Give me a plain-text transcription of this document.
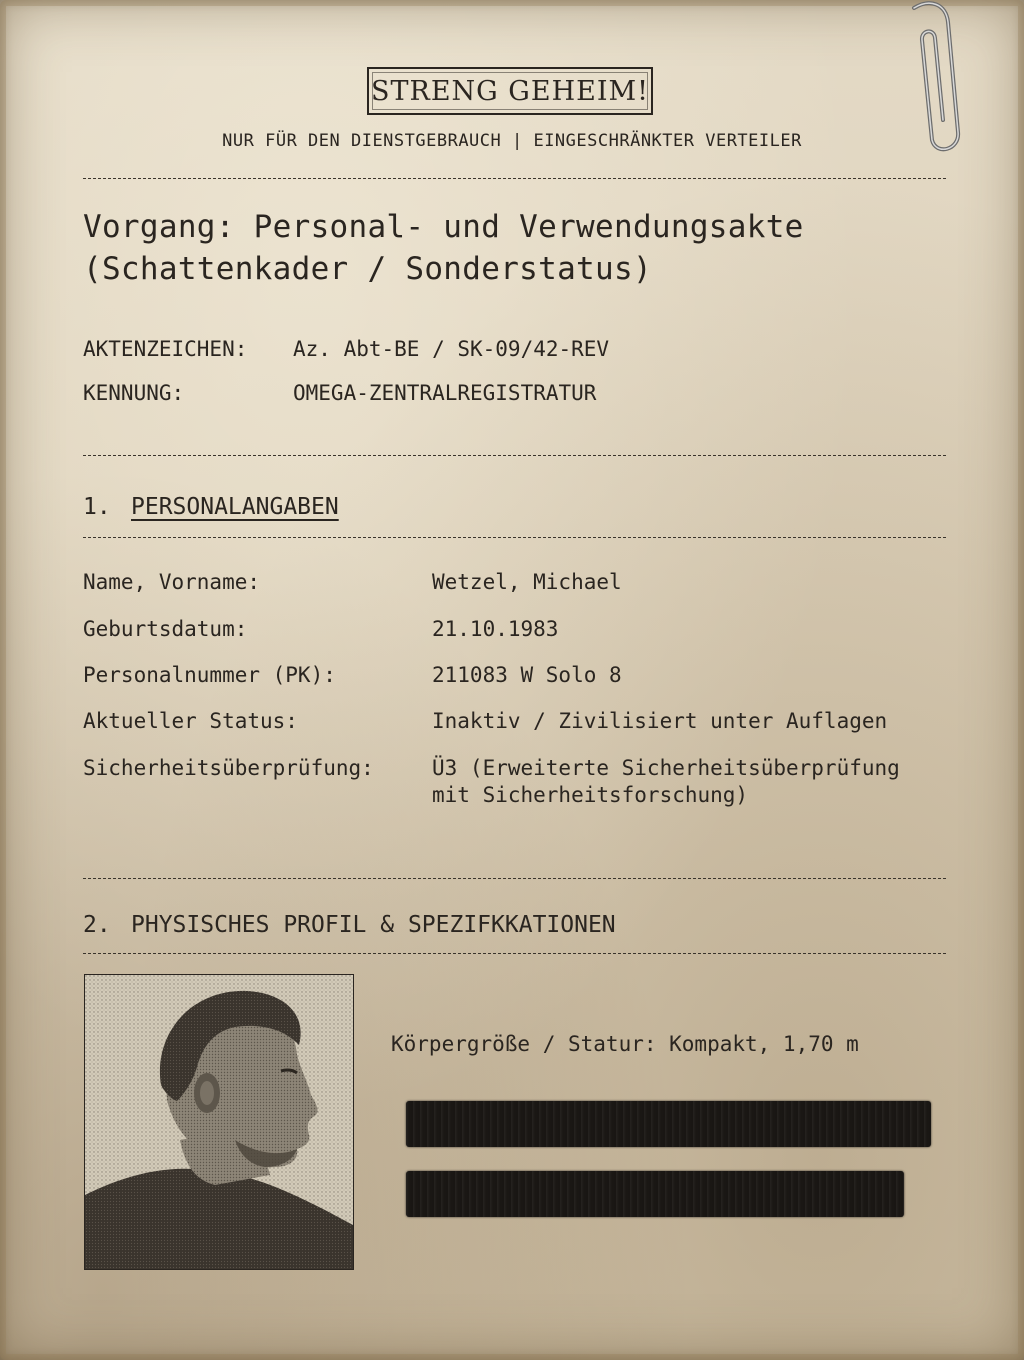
STRENG GEHEIM!
NUR FÜR DEN DIENSTGEBRAUCH | EINGESCHRÄNKTER VERTEILER
Vorgang: Personal- und Verwendungsakte
(Schattenkader / Sonderstatus)
AKTENZEICHEN: Az. Abt-BE / SK-09/42-REV
KENNUNG:	OMEGA-ZENTRALREGISTRATUR
1. PERSONALANGABEN
Name, Vorname:	Wetzel, Michael
Geburtsdatum:	21.10.1983
Personalnummer (PK):	211083 W Solo 8
Aktueller Status:	Inaktiv / Zivilisiert unter Auflagen
Sicherheitsüberprüfung:	Ü3 (Erweiterte Sicherheitsüberprüfung
mit Sicherheitsforschung)
2. PHYSISCHES PROFIL & SPEZIFKKATIONEN
Körpergröße / Statur: Kompakt, 1,70 m
